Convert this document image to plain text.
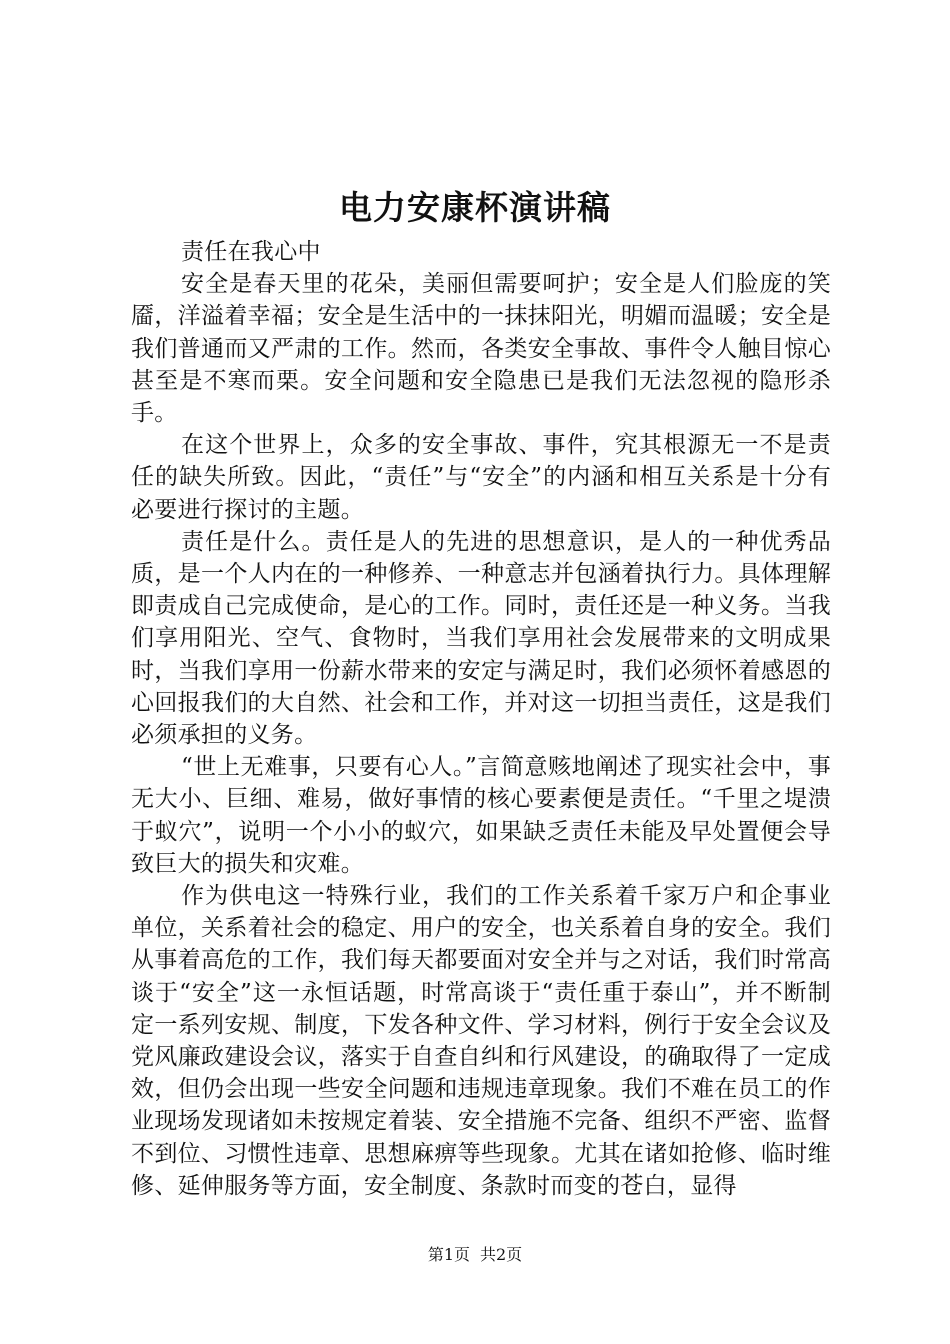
电力安康杯演讲稿

责任在我心中

安全是春天里的花朵，美丽但需要呵护；安全是人们脸庞的笑靥，洋溢着幸福；安全是生活中的一抹抹阳光，明媚而温暖；安全是我们普通而又严肃的工作。然而，各类安全事故、事件令人触目惊心甚至是不寒而栗。安全问题和安全隐患已是我们无法忽视的隐形杀手。

在这个世界上，众多的安全事故、事件，究其根源无一不是责任的缺失所致。因此，“责任”与“安全”的内涵和相互关系是十分有必要进行探讨的主题。

责任是什么。责任是人的先进的思想意识，是人的一种优秀品质，是一个人内在的一种修养、一种意志并包涵着执行力。具体理解即责成自己完成使命，是心的工作。同时，责任还是一种义务。当我们享用阳光、空气、食物时，当我们享用社会发展带来的文明成果时，当我们享用一份薪水带来的安定与满足时，我们必须怀着感恩的心回报我们的大自然、社会和工作，并对这一切担当责任，这是我们必须承担的义务。

“世上无难事，只要有心人。”言简意赅地阐述了现实社会中，事无大小、巨细、难易，做好事情的核心要素便是责任。“千里之堤溃于蚁穴”，说明一个小小的蚁穴，如果缺乏责任未能及早处置便会导致巨大的损失和灾难。

作为供电这一特殊行业，我们的工作关系着千家万户和企事业单位，关系着社会的稳定、用户的安全，也关系着自身的安全。我们从事着高危的工作，我们每天都要面对安全并与之对话，我们时常高谈于“安全”这一永恒话题，时常高谈于“责任重于泰山”，并不断制定一系列安规、制度，下发各种文件、学习材料，例行于安全会议及党风廉政建设会议，落实于自查自纠和行风建设，的确取得了一定成效，但仍会出现一些安全问题和违规违章现象。我们不难在员工的作业现场发现诸如未按规定着装、安全措施不完备、组织不严密、监督不到位、习惯性违章、思想麻痹等些现象。尤其在诸如抢修、临时维修、延伸服务等方面，安全制度、条款时而变的苍白，显得

第1页 共2页
